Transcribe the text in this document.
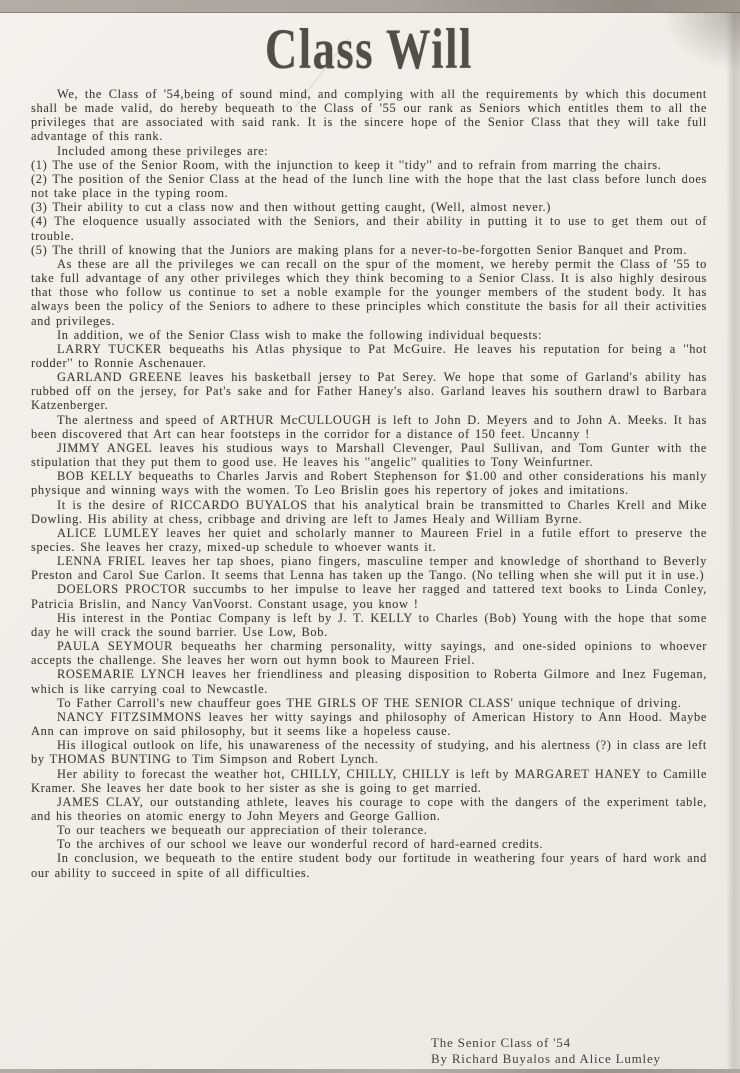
Class Will

We, the Class of '54,being of sound mind, and complying with all the requirements by which this document shall be made valid, do hereby bequeath to the Class of '55 our rank as Seniors which entitles them to all the privileges that are associated with said rank. It is the sincere hope of the Senior Class that they will take full advantage of this rank.

Included among these privileges are:

(1) The use of the Senior Room, with the injunction to keep it ''tidy'' and to refrain from marring the chairs.

(2) The position of the Senior Class at the head of the lunch line with the hope that the last class before lunch does not take place in the typing room.

(3) Their ability to cut a class now and then without getting caught, (Well, almost never.)

(4) The eloquence usually associated with the Seniors, and their ability in putting it to use to get them out of trouble.

(5) The thrill of knowing that the Juniors are making plans for a never-to-be-forgotten Senior Banquet and Prom.

As these are all the privileges we can recall on the spur of the moment, we hereby permit the Class of '55 to take full advantage of any other privileges which they think becoming to a Senior Class. It is also highly desirous that those who follow us continue to set a noble example for the younger members of the student body. It has always been the policy of the Seniors to adhere to these principles which constitute the basis for all their activities and privileges.

In addition, we of the Senior Class wish to make the following individual bequests:

LARRY TUCKER bequeaths his Atlas physique to Pat McGuire. He leaves his reputation for being a ''hot rodder'' to Ronnie Aschenauer.

GARLAND GREENE leaves his basketball jersey to Pat Serey. We hope that some of Garland's ability has rubbed off on the jersey, for Pat's sake and for Father Haney's also. Garland leaves his southern drawl to Barbara Katzenberger.

The alertness and speed of ARTHUR McCULLOUGH is left to John D. Meyers and to John A. Meeks. It has been discovered that Art can hear footsteps in the corridor for a distance of 150 feet. Uncanny !

JIMMY ANGEL leaves his studious ways to Marshall Clevenger, Paul Sullivan, and Tom Gunter with the stipulation that they put them to good use. He leaves his ''angelic'' qualities to Tony Weinfurtner.

BOB KELLY bequeaths to Charles Jarvis and Robert Stephenson for $1.00 and other considerations his manly physique and winning ways with the women. To Leo Brislin goes his repertory of jokes and imitations.

It is the desire of RICCARDO BUYALOS that his analytical brain be transmitted to Charles Krell and Mike Dowling. His ability at chess, cribbage and driving are left to James Healy and William Byrne.

ALICE LUMLEY leaves her quiet and scholarly manner to Maureen Friel in a futile effort to preserve the species. She leaves her crazy, mixed-up schedule to whoever wants it.

LENNA FRIEL leaves her tap shoes, piano fingers, masculine temper and knowledge of shorthand to Beverly Preston and Carol Sue Carlon. It seems that Lenna has taken up the Tango. (No telling when she will put it in use.)

DOELORS PROCTOR succumbs to her impulse to leave her ragged and tattered text books to Linda Conley, Patricia Brislin, and Nancy VanVoorst. Constant usage, you know !

His interest in the Pontiac Company is left by J. T. KELLY to Charles (Bob) Young with the hope that some day he will crack the sound barrier. Use Low, Bob.

PAULA SEYMOUR bequeaths her charming personality, witty sayings, and one-sided opinions to whoever accepts the challenge. She leaves her worn out hymn book to Maureen Friel.

ROSEMARIE LYNCH leaves her friendliness and pleasing disposition to Roberta Gilmore and Inez Fugeman, which is like carrying coal to Newcastle.

To Father Carroll's new chauffeur goes THE GIRLS OF THE SENIOR CLASS' unique technique of driving.

NANCY FITZSIMMONS leaves her witty sayings and philosophy of American History to Ann Hood. Maybe Ann can improve on said philosophy, but it seems like a hopeless cause.

His illogical outlook on life, his unawareness of the necessity of studying, and his alertness (?) in class are left by THOMAS BUNTING to Tim Simpson and Robert Lynch.

Her ability to forecast the weather hot, CHILLY, CHILLY, CHILLY is left by MARGARET HANEY to Camille Kramer. She leaves her date book to her sister as she is going to get married.

JAMES CLAY, our outstanding athlete, leaves his courage to cope with the dangers of the experiment table, and his theories on atomic energy to John Meyers and George Gallion.

To our teachers we bequeath our appreciation of their tolerance.

To the archives of our school we leave our wonderful record of hard-earned credits.

In conclusion, we bequeath to the entire student body our fortitude in weathering four years of hard work and our ability to succeed in spite of all difficulties.

The Senior Class of '54
By Richard Buyalos and Alice Lumley
